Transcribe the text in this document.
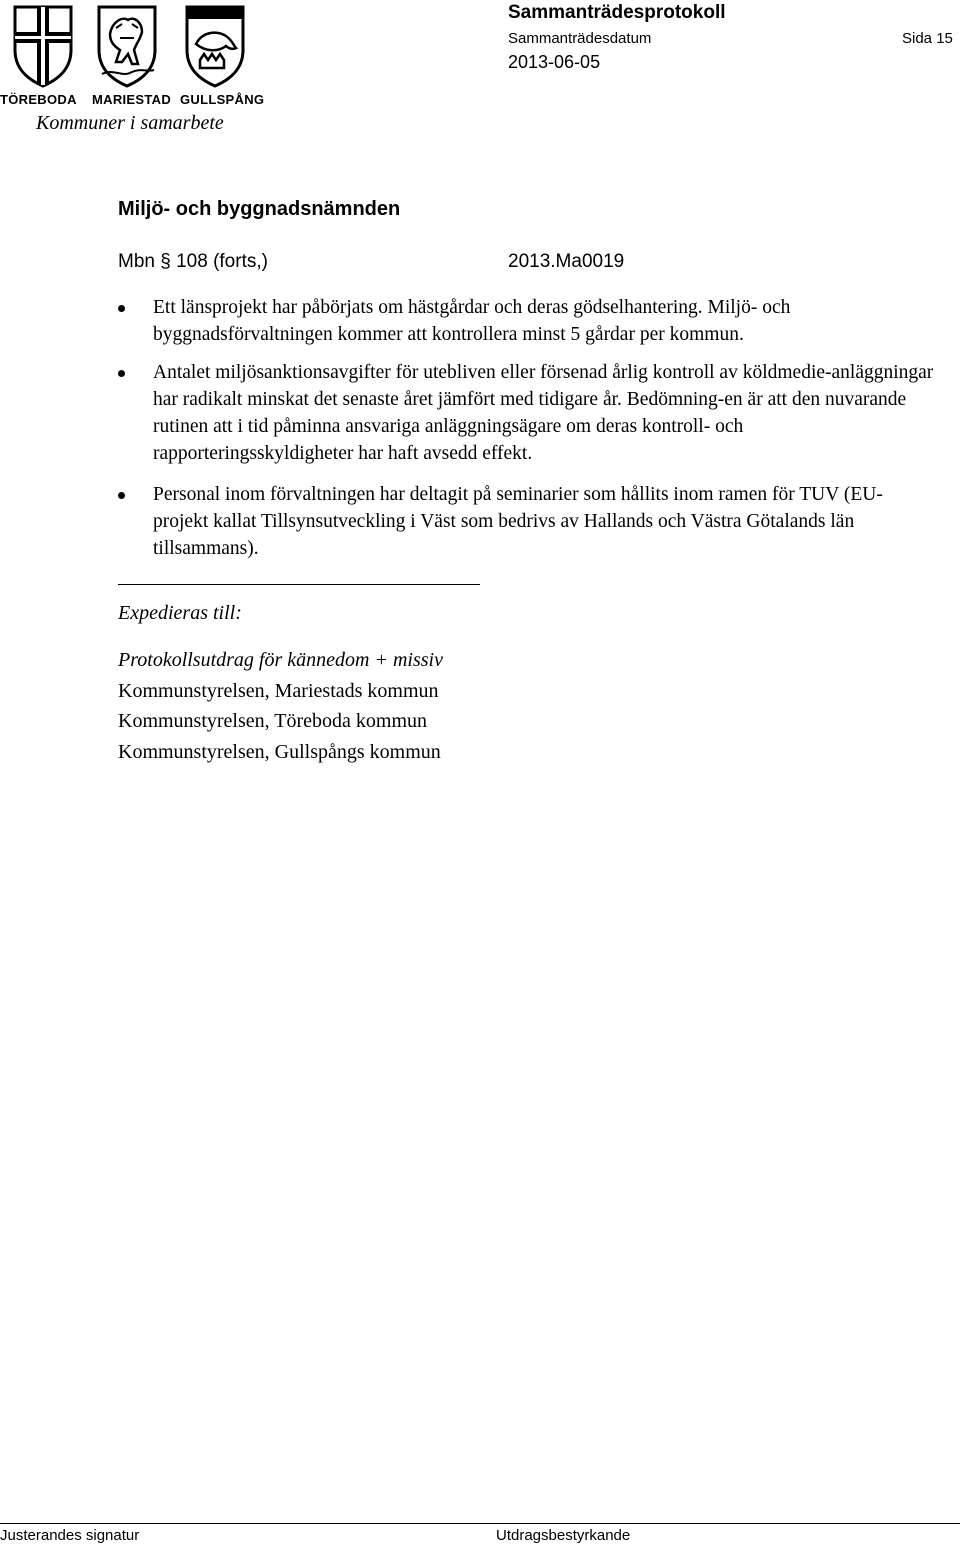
TÖREBODA MARIESTAD GULLSPÅNG
Kommuner i samarbete
Sammanträdesprotokoll
Sammanträdesdatum	Sida 15
2013-06-05
Miljö- och byggnadsnämnden
Mbn § 108 (forts,)	2013.Ma0019
Ett länsprojekt har påbörjats om hästgårdar och deras gödselhantering. Miljö- och byggnadsförvaltningen kommer att kontrollera minst 5 gårdar per kommun.
Antalet miljösanktionsavgifter för utebliven eller försenad årlig kontroll av köldmedie-anläggningar har radikalt minskat det senaste året jämfört med tidigare år. Bedömning-en är att den nuvarande rutinen att i tid påminna ansvariga anläggningsägare om deras kontroll- och rapporteringsskyldigheter har haft avsedd effekt.
Personal inom förvaltningen har deltagit på seminarier som hållits inom ramen för TUV (EU-projekt kallat Tillsynsutveckling i Väst som bedrivs av Hallands och Västra Götalands län tillsammans).
Expedieras till:
Protokollsutdrag för kännedom + missiv
Kommunstyrelsen, Mariestads kommun
Kommunstyrelsen, Töreboda kommun
Kommunstyrelsen, Gullspångs kommun
Justerandes signatur	Utdragsbestyrkande
